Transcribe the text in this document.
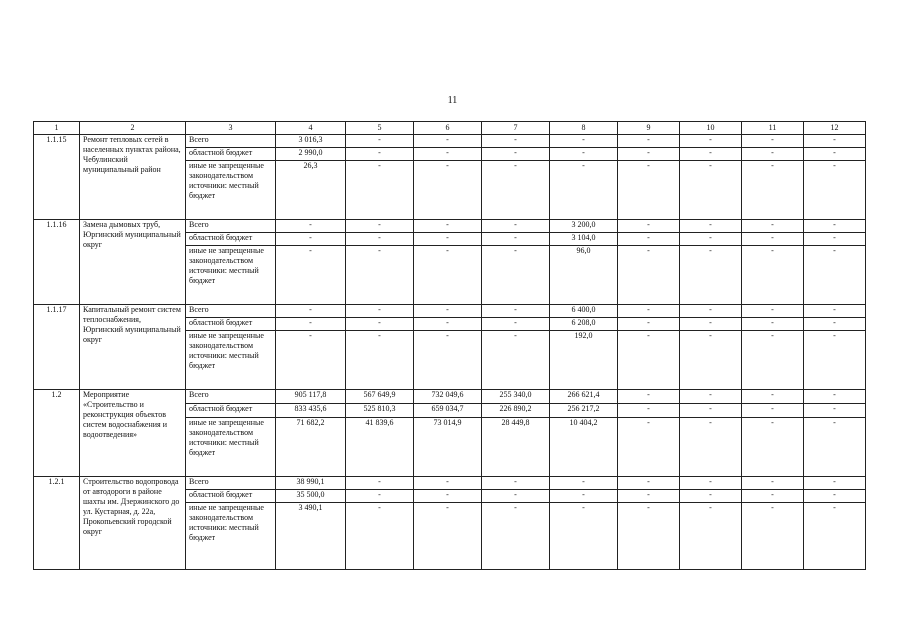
11
1	2	3	4	5	6	7	8	9	10	11	12
1.1.15	Ремонт тепловых сетей в населенных пунктах района, Чебулинский муниципальный район	Всего	3 016,3	-	-	-	-	-	-	-	-
		областной бюджет	2 990,0	-	-	-	-	-	-	-	-
		иные не запрещенные законодательством источники: местный бюджет	26,3	-	-	-	-	-	-	-	-
1.1.16	Замена дымовых труб, Юргинский муниципальный округ	Всего	-	-	-	-	3 200,0	-	-	-	-
		областной бюджет	-	-	-	-	3 104,0	-	-	-	-
		иные не запрещенные законодательством источники: местный бюджет	-	-	-	-	96,0	-	-	-	-
1.1.17	Капитальный ремонт систем теплоснабжения, Юргинский муниципальный округ	Всего	-	-	-	-	6 400,0	-	-	-	-
		областной бюджет	-	-	-	-	6 208,0	-	-	-	-
		иные не запрещенные законодательством источники: местный бюджет	-	-	-	-	192,0	-	-	-	-
1.2	Мероприятие «Строительство и реконструкция объектов систем водоснабжения и водоотведения»	Всего	905 117,8	567 649,9	732 049,6	255 340,0	266 621,4	-	-	-	-
		областной бюджет	833 435,6	525 810,3	659 034,7	226 890,2	256 217,2	-	-	-	-
		иные не запрещенные законодательством источники: местный бюджет	71 682,2	41 839,6	73 014,9	28 449,8	10 404,2	-	-	-	-
1.2.1	Строительство водопровода от автодороги в районе шахты им. Дзержинского до ул. Кустарная, д. 22а, Прокопьевский городской округ	Всего	38 990,1	-	-	-	-	-	-	-	-
		областной бюджет	35 500,0	-	-	-	-	-	-	-	-
		иные не запрещенные законодательством источники: местный бюджет	3 490,1	-	-	-	-	-	-	-	-
